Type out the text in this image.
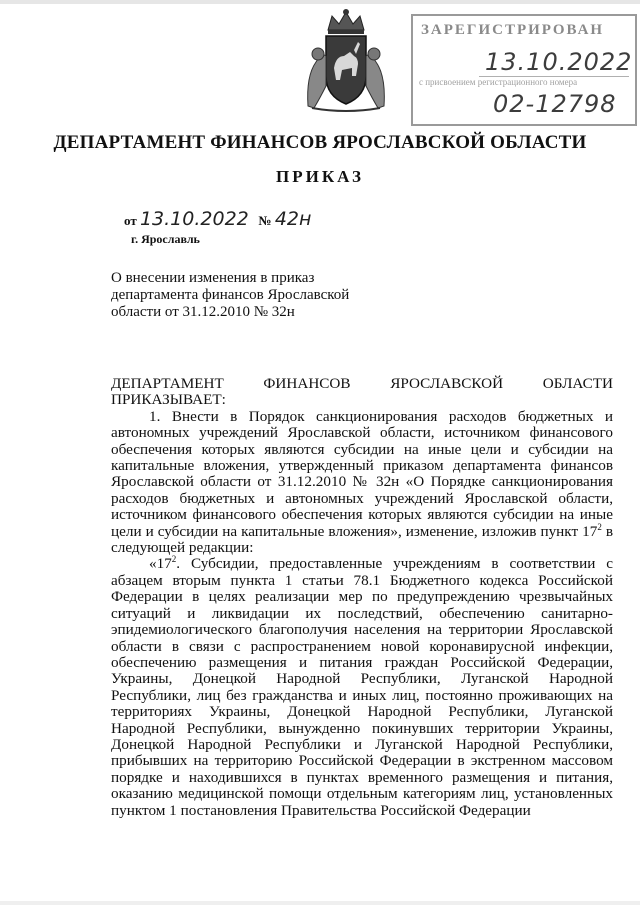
ЗАРЕГИСТРИРОВАН
13.10.2022
с присвоением регистрационного номера
02-12798
ДЕПАРТАМЕНТ ФИНАНСОВ ЯРОСЛАВСКОЙ ОБЛАСТИ
ПРИКАЗ
от 13.10.2022 № 42н
г. Ярославль
О внесении изменения в приказ департамента финансов Ярославской области от 31.12.2010 № 32н
ДЕПАРТАМЕНТ	ФИНАНСОВ	ЯРОСЛАВСКОЙ	ОБЛАСТИ

ПРИКАЗЫВАЕТ:

1. Внести в Порядок санкционирования расходов бюджетных и автономных учреждений Ярославской области, источником финансового обеспечения которых являются субсидии на иные цели и субсидии на капитальные вложения, утвержденный приказом департамента финансов Ярославской области от 31.12.2010 № 32н «О Порядке санкционирования расходов бюджетных и автономных учреждений Ярославской области, источником финансового обеспечения которых являются субсидии на иные цели и субсидии на капитальные вложения», изменение, изложив пункт $17^2$ в следующей редакции:

«$17^2$. Субсидии, предоставленные учреждениям в соответствии с абзацем вторым пункта 1 статьи 78.1 Бюджетного кодекса Российской Федерации в целях реализации мер по предупреждению чрезвычайных ситуаций и ликвидации их последствий, обеспечению санитарно-эпидемиологического благополучия населения на территории Ярославской области в связи с распространением новой коронавирусной инфекции, обеспечению размещения и питания граждан Российской Федерации, Украины, Донецкой Народной Республики, Луганской Народной Республики, лиц без гражданства и иных лиц, постоянно проживающих на территориях Украины, Донецкой Народной Республики, Луганской Народной Республики, вынужденно покинувших территории Украины, Донецкой Народной Республики и Луганской Народной Республики, прибывших на территорию Российской Федерации в экстренном массовом порядке и находившихся в пунктах временного размещения и питания, оказанию медицинской помощи отдельным категориям лиц, установленных пунктом 1 постановления Правительства Российской Федерации
